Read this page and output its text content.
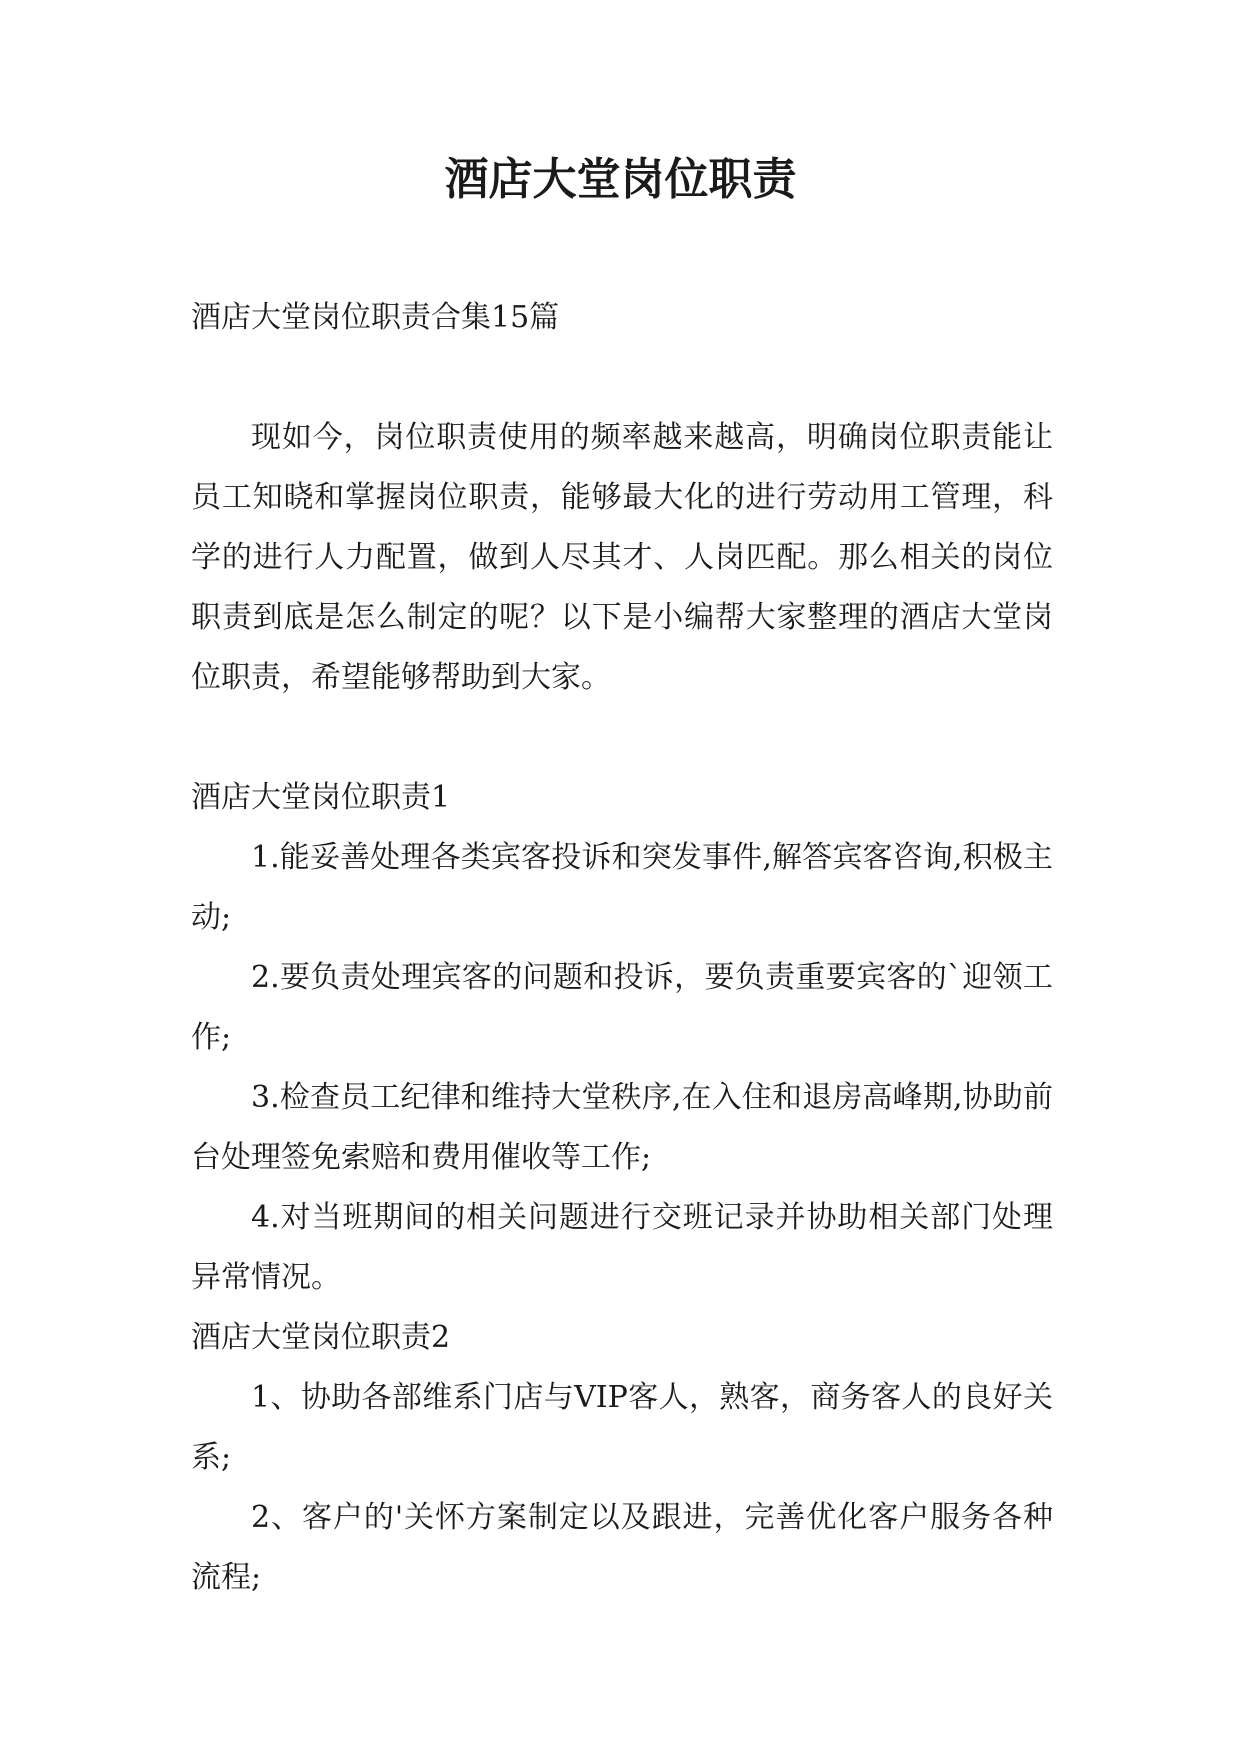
酒店大堂岗位职责

酒店大堂岗位职责合集15篇

现如今，岗位职责使用的频率越来越高，明确岗位职责能让员工知晓和掌握岗位职责，能够最大化的进行劳动用工管理，科学的进行人力配置，做到人尽其才、人岗匹配。那么相关的岗位职责到底是怎么制定的呢？以下是小编帮大家整理的酒店大堂岗位职责，希望能够帮助到大家。

酒店大堂岗位职责1

1.能妥善处理各类宾客投诉和突发事件,解答宾客咨询,积极主动;

2.要负责处理宾客的问题和投诉，要负责重要宾客的`迎领工作;

3.检查员工纪律和维持大堂秩序,在入住和退房高峰期,协助前台处理签免索赔和费用催收等工作;

4.对当班期间的相关问题进行交班记录并协助相关部门处理异常情况。

酒店大堂岗位职责2

1、协助各部维系门店与VIP客人，熟客，商务客人的良好关系;

2、客户的'关怀方案制定以及跟进，完善优化客户服务各种流程;
